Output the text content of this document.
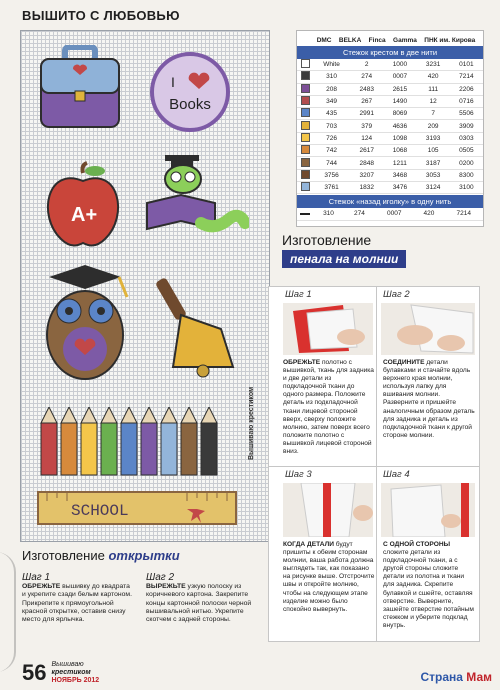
ВЫШИТО С ЛЮБОВЬЮ
I
Books
A+
SCHOOL
Вышиваю крестиком
DMC BELKA Finca Gamma ПНК им. Кирова
Стежок крестом в две нити
	White	2	1000	3231	0101
	310	274	0007	420	7214
	208	2483	2615	111	2206
	349	267	1490	12	0716
	435	2991	8069	7	5506
	703	379	4636	209	3909
	726	124	1098	3193	0303
	742	2617	1068	105	0505
	744	2848	1211	3187	0200
	3756	3207	3468	3053	8300
	3761	1832	3476	3124	3100
Стежок «назад иголку» в одну нить
	310	274	0007	420	7214
Изготовление
пенала на молнии
Шаг 1
ОБРЕЖЬТЕ полотно с вышивкой, ткань для задника и две детали из подкладочной ткани до одного размера. Положите деталь из подкладочной ткани лицевой стороной вверх, сверху положите молнию, затем поверх всего положите полотно с вышивкой лицевой стороной вниз.
Шаг 2
СОЕДИНИТЕ детали булавками и стачайте вдоль верхнего края молнии, используя лапку для вшивания молнии. Разверните и пришейте аналогичным образом деталь для задника и деталь из подкладочной ткани к другой стороне молнии.
Шаг 3
КОГДА ДЕТАЛИ будут пришиты к обеим сторонам молнии, ваша работа должна выглядеть так, как показано на рисунке выше. Отстрочите швы и откройте молнию, чтобы на следующем этапе изделие можно было спокойно вывернуть.
Шаг 4
С ОДНОЙ СТОРОНЫ сложите детали из подкладочной ткани, а с другой стороны сложите детали из полотна и ткани для задника. Скрепите булавкой и сшейте, оставляя отверстие. Выверните, зашейте отверстие потайным стежком и уберите подклад внутрь.
Изготовление открытки
Шаг 1
ОБРЕЖЬТЕ вышивку до квадрата и укрепите сзади белым картоном. Прикрепите к прямоугольной красной открытке, оставив снизу место для ярлычка.
Шаг 2
ВЫРЕЖЬТЕ узкую полоску из коричневого картона. Закрепите концы картонной полоски черной вышивальной нитью. Укрепите скотчем с задней стороны.
56 Вышиваю
крестиком
НОЯБРЬ 2012	Страна Мам
